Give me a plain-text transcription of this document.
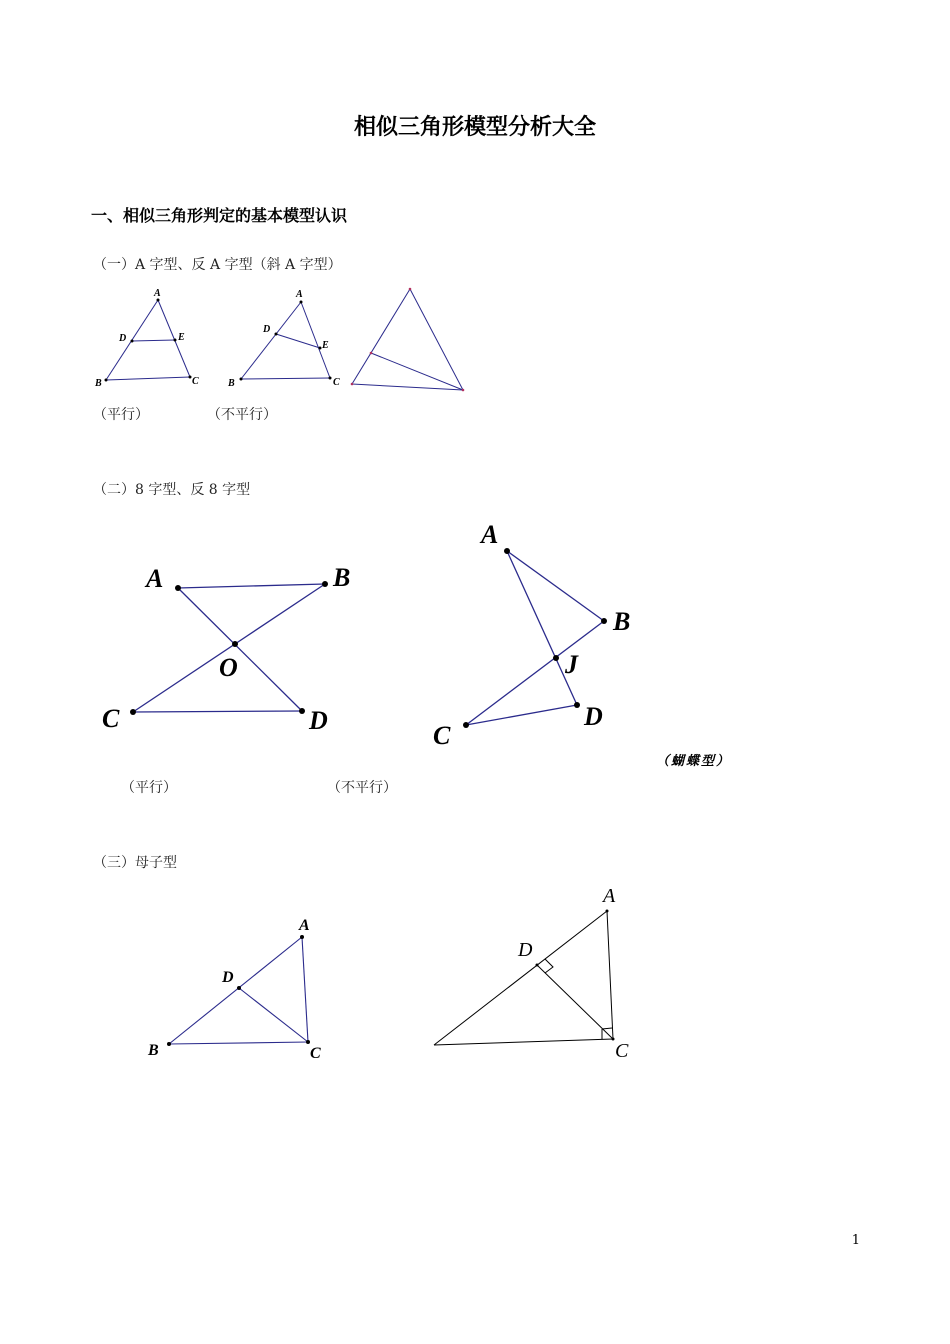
相似三角形模型分析大全
一、相似三角形判定的基本模型认识
（一）A 字型、反 A 字型（斜 A 字型）
A
D	E
B	C
A
D
E
B	C
（平行）	（不平行）
（二）8 字型、反 8 字型
A	B
O
C	D
A
B
J
C
D
（蝴蝶型）
（平行）	（不平行）
（三）母子型
A
D
B	C
A
D
C
1
